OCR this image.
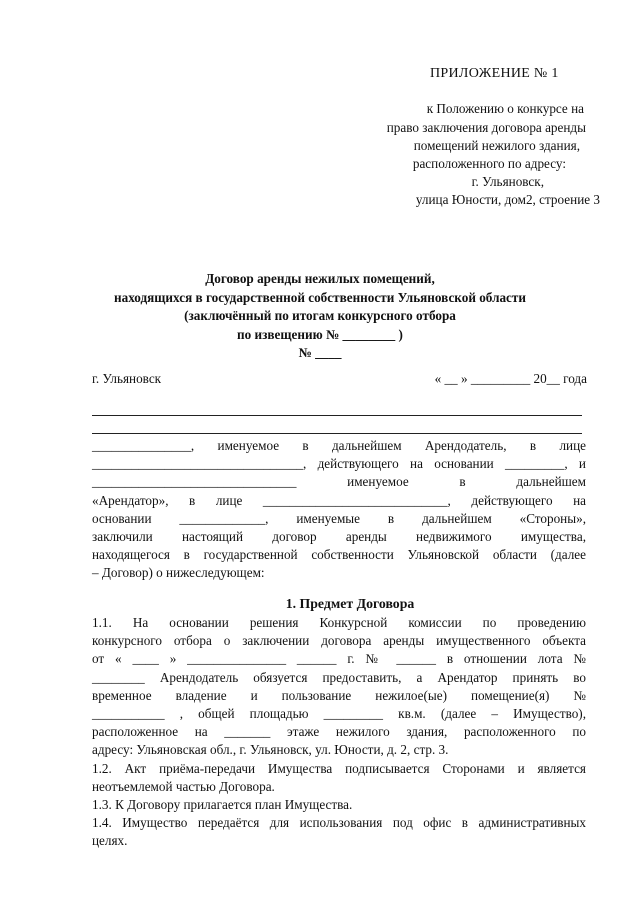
ПРИЛОЖЕНИЕ № 1
к Положению о конкурсе на
право заключения договора аренды
помещений нежилого здания,
расположенного по адресу:
г. Ульяновск,
улица Юности, дом2, строение 3
Договор аренды нежилых помещений,
находящихся в государственной собственности Ульяновской области
(заключённый по итогам конкурсного отбора
по извещению № ________ )
№ ____
г. Ульяновск	« __ » _________ 20__ года
_______________, именуемое в дальнейшем Арендодатель, в лице
________________________________, действующего на основании _________, и
_______________________________ именуемое в дальнейшем
«Арендатор», в лице ____________________________, действующего на
основании _____________, именуемые в дальнейшем «Стороны»,
заключили настоящий договор аренды недвижимого имущества,
находящегося в государственной собственности Ульяновской области (далее
– Договор) о нижеследующем:
1. Предмет Договора
1.1. На основании решения Конкурсной комиссии по проведению
конкурсного отбора о заключении договора аренды имущественного объекта
от « ____ » _______________ ______ г. № ______ в отношении лота №
________ Арендодатель обязуется предоставить, а Арендатор принять во
временное владение и пользование нежилое(ые) помещение(я) №
___________ , общей площадью _________ кв.м. (далее – Имущество),
расположенное на _______ этаже нежилого здания, расположенного по
адресу: Ульяновская обл., г. Ульяновск, ул. Юности, д. 2, стр. 3.
1.2. Акт приёма-передачи Имущества подписывается Сторонами и является
неотъемлемой частью Договора.
1.3. К Договору прилагается план Имущества.
1.4. Имущество передаётся для использования под офис в административных
целях.
